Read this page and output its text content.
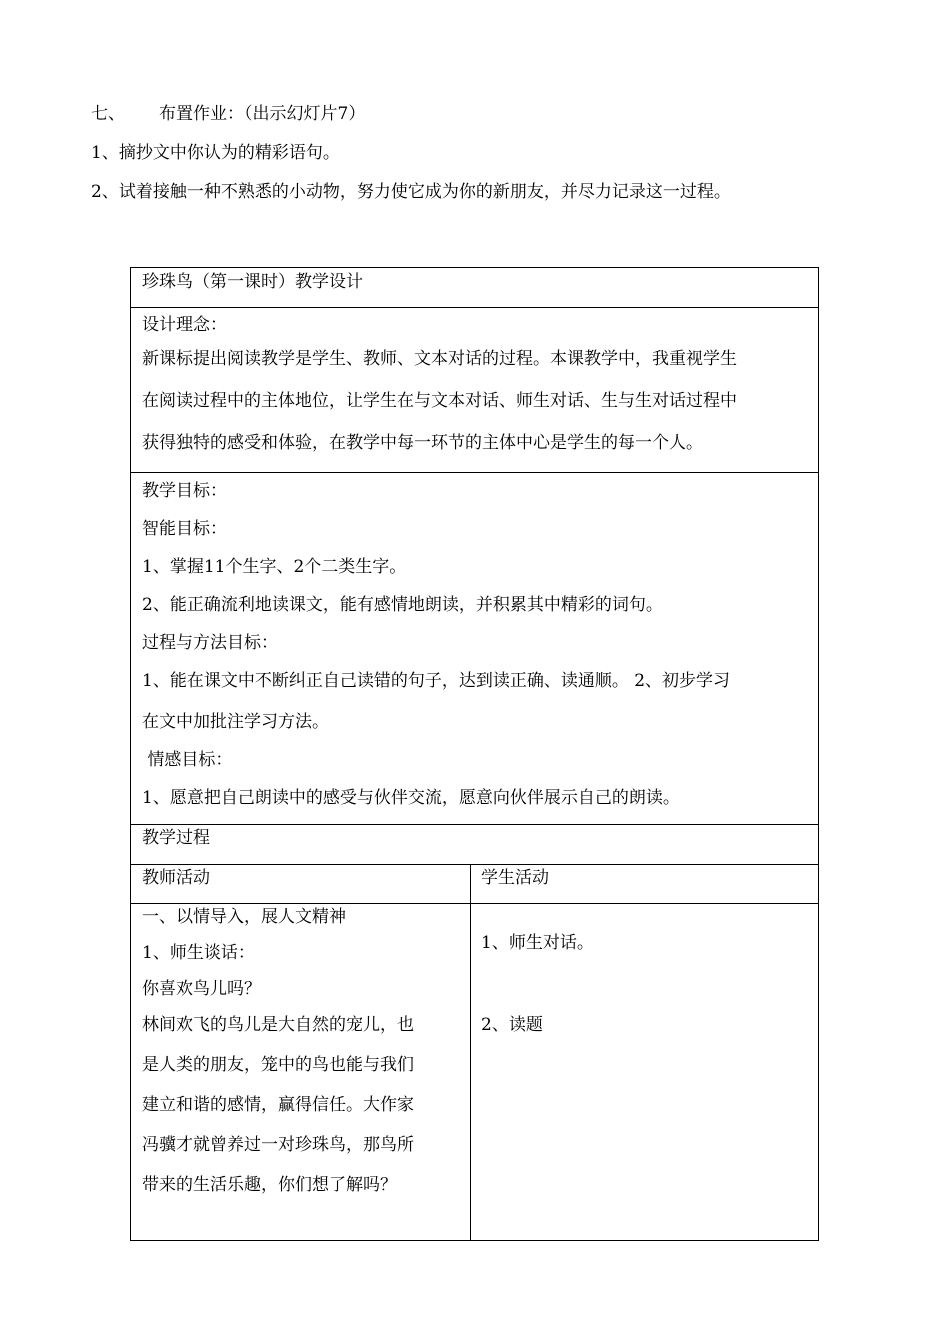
七、 布置作业：（出示幻灯片7）
1、摘抄文中你认为的精彩语句。
2、试着接触一种不熟悉的小动物，努力使它成为你的新朋友，并尽力记录这一过程。
珍珠鸟（第一课时）教学设计
设计理念：
新课标提出阅读教学是学生、教师、文本对话的过程。本课教学中，我重视学生
在阅读过程中的主体地位，让学生在与文本对话、师生对话、生与生对话过程中
获得独特的感受和体验，在教学中每一环节的主体中心是学生的每一个人。
教学目标：
智能目标：
1、掌握11个生字、2个二类生字。
2、能正确流利地读课文，能有感情地朗读，并积累其中精彩的词句。
过程与方法目标：
1、能在课文中不断纠正自己读错的句子，达到读正确、读通顺。 2、初步学习
在文中加批注学习方法。
情感目标：
1、愿意把自己朗读中的感受与伙伴交流，愿意向伙伴展示自己的朗读。
教学过程
教师活动	学生活动
一、以情导入，展人文精神
1、师生谈话：
你喜欢鸟儿吗？
林间欢飞的鸟儿是大自然的宠儿，也
是人类的朋友，笼中的鸟也能与我们
建立和谐的感情，赢得信任。大作家
冯骥才就曾养过一对珍珠鸟，那鸟所
带来的生活乐趣，你们想了解吗？
1、师生对话。
2、读题
